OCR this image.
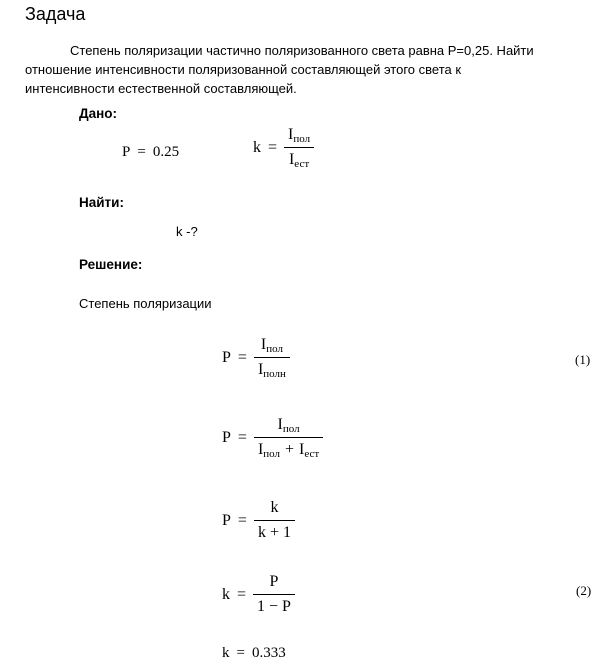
Задача
Степень поляризации частично поляризованного света равна P=0,25. Найти
отношение интенсивности поляризованной составляющей этого света к
интенсивности естественной составляющей.
Дано:
P = 0.25	$k = \frac{I_{пол}}{I_{ест}}$
Найти:
k -?
Решение:
Степень поляризации
$P = \frac{I_{пол}}{I_{полн}}$	(1)
$P = \frac{I_{пол}}{I_{пол} + I_{ест}}$
$P = \frac{k}{k + 1}$
$k = \frac{P}{1 - P}$	(2)
k = 0.333
